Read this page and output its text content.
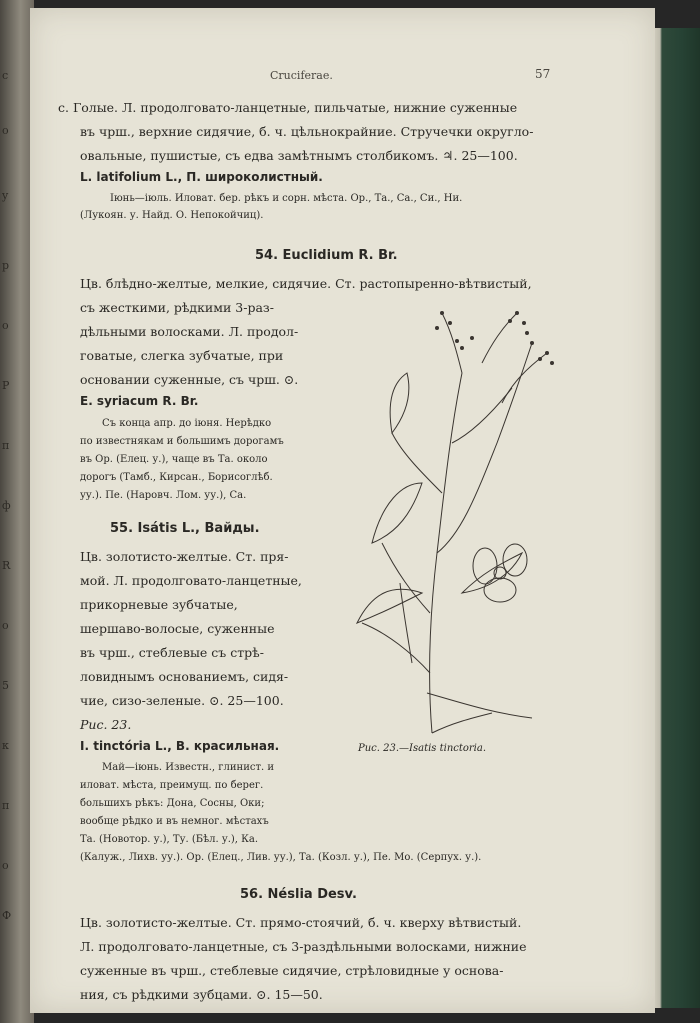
c
o
y
p
o
P
п
ф
R
o
5
к
п
o
Ф
Cruciferae.	57
с. Голые. Л. продолговато-ланцетные, пильчатые, нижние суженные
въ чрш., верхние сидячие, б. ч. цѣльнокрайние. Стручечки округло-
овальные, пушистые, съ едва замѣтнымъ столбикомъ. ♃. 25—100.
L. latifolium L., П. широколистный.
Іюнь—іюль. Иловат. бер. рѣкъ и сорн. мѣста. Ор., Та., Са., Си., Ни.
(Лукоян. у. Найд. О. Непокойчиц).
54. Euclidium R. Br.
Цв. блѣдно-желтые, мелкие, сидячие. Ст. растопыренно-вѣтвистый,
съ жесткими, рѣдкими 3-раз-
дѣльными волосками. Л. продол-
говатые, слегка зубчатые, при
основании суженные, съ чрш. ⊙.
E. syriacum R. Br.
Съ конца апр. до іюня. Нерѣдко
по известнякам и большимъ дорогамъ
въ Ор. (Елец. у.), чаще въ Та. около
дорогъ (Тамб., Кирсан., Борисоглѣб.
уу.). Пе. (Наровч. Лом. уу.), Са.
55. Isátis L., Вайды.
Цв. золотисто-желтые. Ст. пря-
мой. Л. продолговато-ланцетные,
прикорневые зубчатые,
шершаво-волосые, суженные
въ чрш., стеблевые съ стрѣ-
ловиднымъ основаниемъ, сидя-
чие, сизо-зеленые. ⊙. 25—100.
Рис. 23.
I. tinctória L., В. красильная.
Май—іюнь. Известн., глинист. и
иловат. мѣста, преимущ. по берег.
большихъ рѣкъ: Дона, Сосны, Оки;
вообще рѣдко и въ немног. мѣстахъ
Та. (Новотор. у.), Ту. (Бѣл. у.), Ка.
(Калуж., Лихв. уу.). Ор. (Елец., Лив. уу.), Та. (Козл. у.), Пе. Мо. (Серпух. у.).
Рис. 23.—Isatis tinctoria.
56. Néslia Desv.
Цв. золотисто-желтые. Ст. прямо-стоячий, б. ч. кверху вѣтвистый.
Л. продолговато-ланцетные, съ 3-раздѣльными волосками, нижние
суженные въ чрш., стеблевые сидячие, стрѣловидные у основа-
ния, съ рѣдкими зубцами. ⊙. 15—50.
